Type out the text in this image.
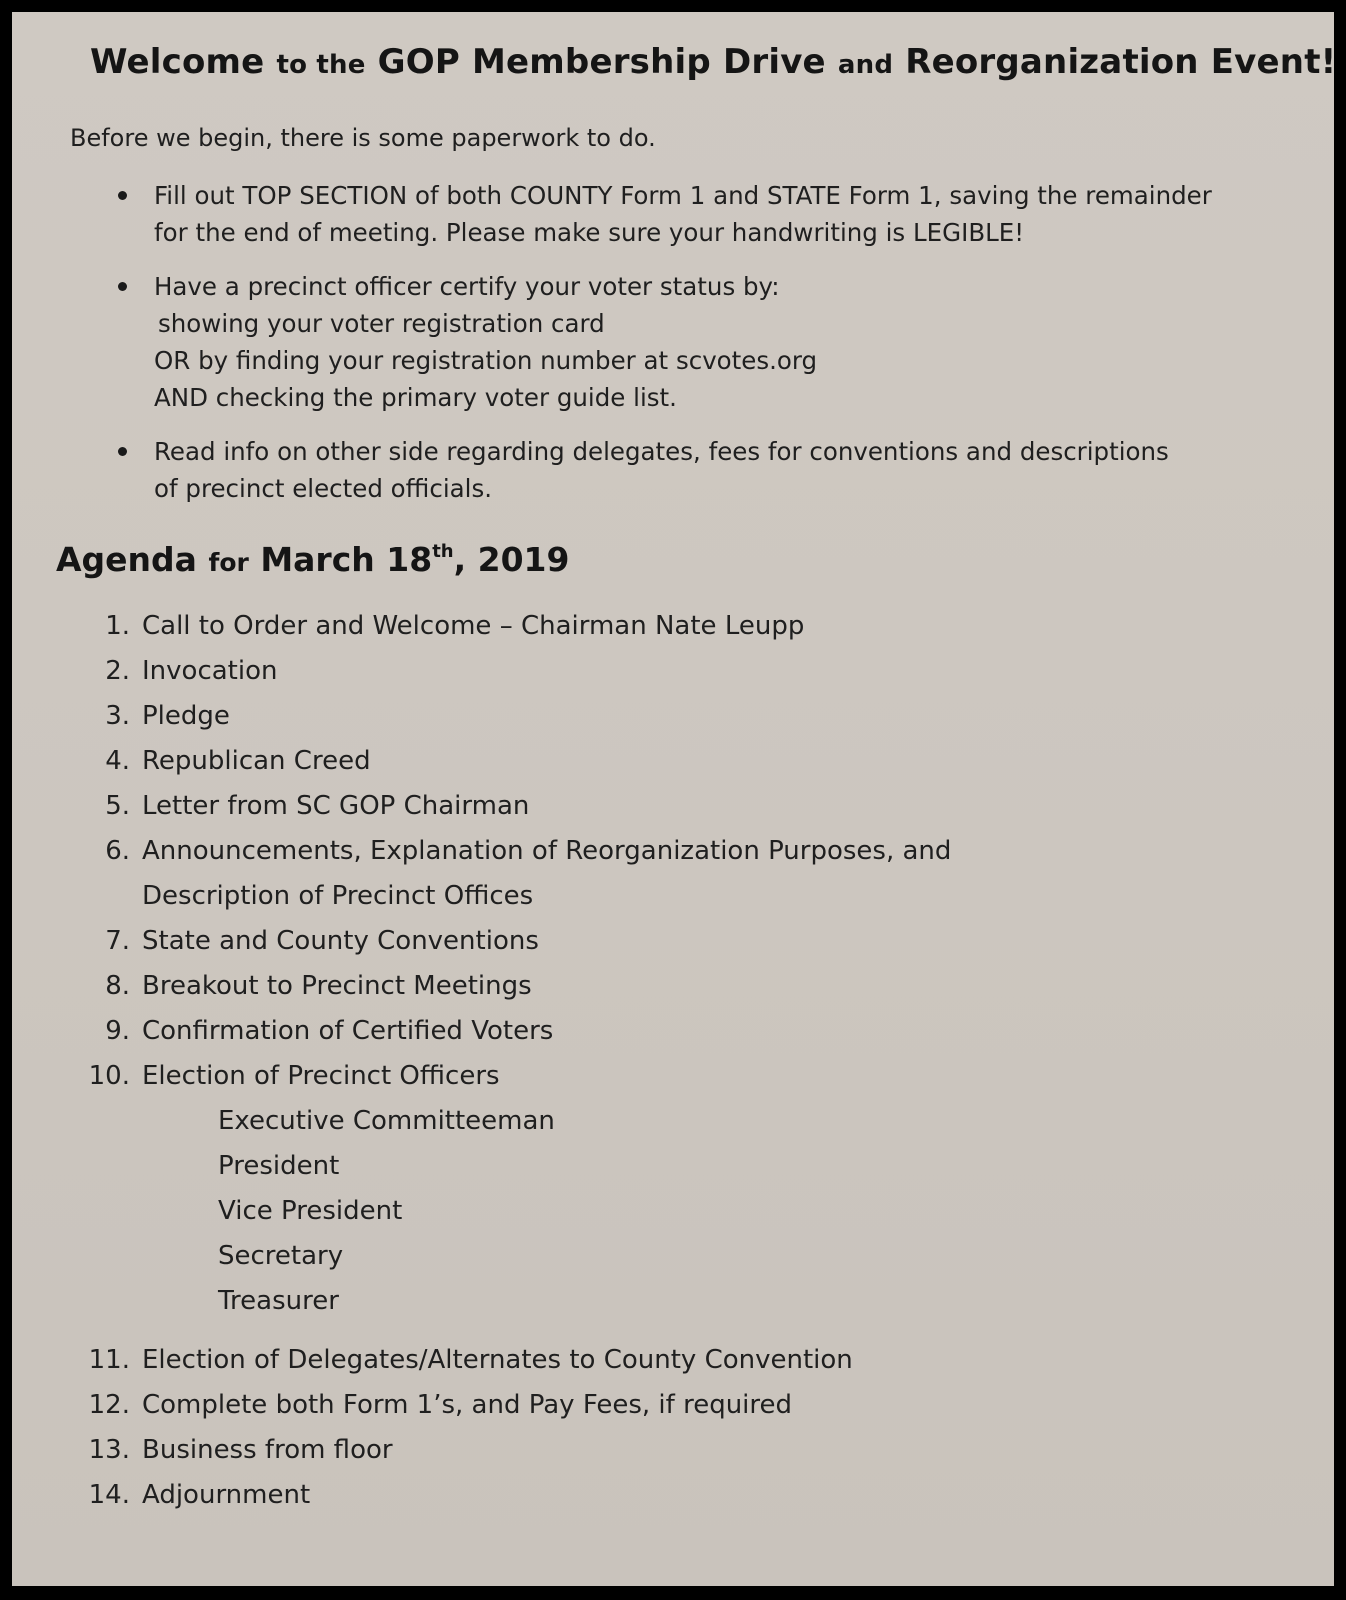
Welcome to the GOP Membership Drive and Reorganization Event!

Before we begin, there is some paperwork to do.

Fill out TOP SECTION of both COUNTY Form 1 and STATE Form 1, saving the remainder
for the end of meeting. Please make sure your handwriting is LEGIBLE!
Have a precinct officer certify your voter status by:
showing your voter registration card
OR by finding your registration number at scvotes.org
AND checking the primary voter guide list.
Read info on other side regarding delegates, fees for conventions and descriptions
of precinct elected officials.
Agenda for March 18th, 2019
1. Call to Order and Welcome – Chairman Nate Leupp
2. Invocation
3. Pledge
4. Republican Creed
5. Letter from SC GOP Chairman
6. Announcements, Explanation of Reorganization Purposes, and
Description of Precinct Offices
7. State and County Conventions
8. Breakout to Precinct Meetings
9. Confirmation of Certified Voters
10. Election of Precinct Officers
Executive Committeeman
President
Vice President
Secretary
Treasurer
11. Election of Delegates/Alternates to County Convention
12. Complete both Form 1’s, and Pay Fees, if required
13. Business from floor
14. Adjournment
